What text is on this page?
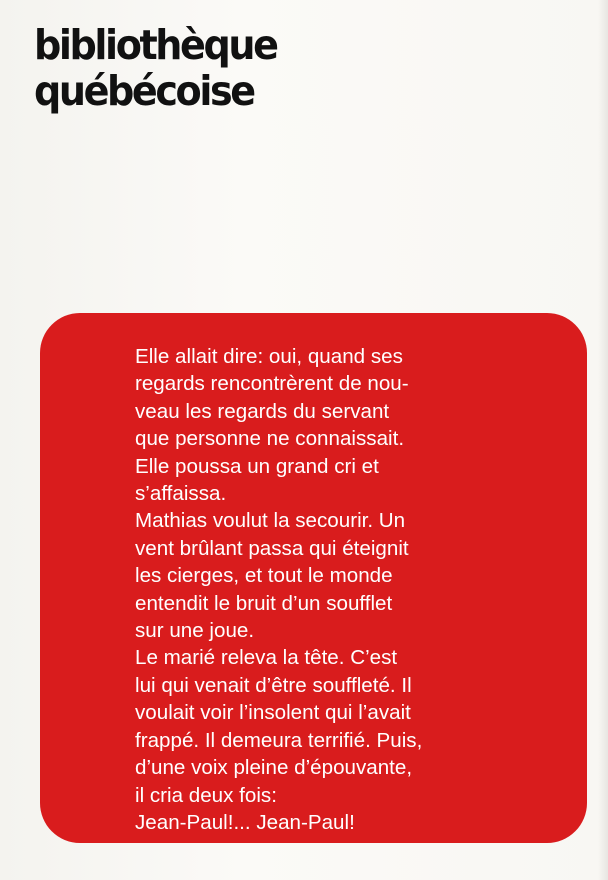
bibliothèque
québécoise

Elle allait dire: oui, quand ses
regards rencontrèrent de nou-
veau les regards du servant
que personne ne connaissait.
Elle poussa un grand cri et
s’affaissa.
Mathias voulut la secourir. Un
vent brûlant passa qui éteignit
les cierges, et tout le monde
entendit le bruit d’un soufflet
sur une joue.
Le marié releva la tête. C’est
lui qui venait d’être souffleté. Il
voulait voir l’insolent qui l’avait
frappé. Il demeura terrifié. Puis,
d’une voix pleine d’épouvante,
il cria deux fois:
Jean-Paul!... Jean-Paul!
